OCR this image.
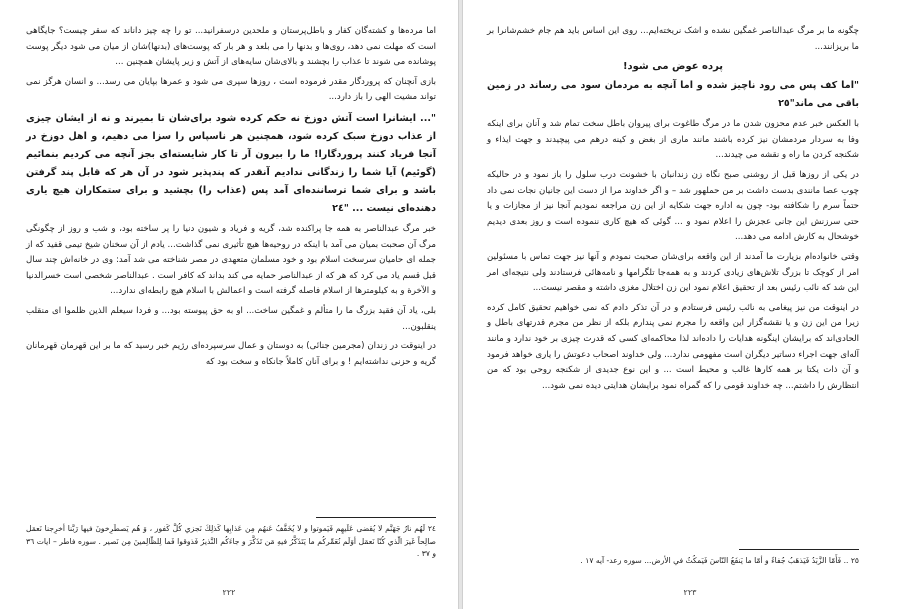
اما مرده‌ها و کشته‌گان کفار و باطل‌پرستان و ملحدین درسفرانید... تو را چه چیز داناند که سقر چیست؟ جایگاهی است که مهلت نمی دهد، روی‌ها و بدنها را می بلعد و هر بار که پوست‌های (بدنها)شان از میان می شود دیگر پوست پوشانده می شوند تا عذاب را بچشند و بالای‌شان سایه‌های از آتش و زیر پایشان همچنین ...

بازی آنچنان که پروردگار مقدر فرموده است ، روزها سپری می شود و عمرها بپایان می رسد... و انسان هرگز نمی تواند مشیت الهی را باز دارد...

"... ایشانرا است آتش دوزخ نه حکم کرده شود برای‌شان تا بمیرند و نه از ایشان چیزی از عذاب دوزخ سبک کرده شود، همچنین هر ناسپاس را سزا می دهیم، و اهل دوزخ در آنجا فریاد کنند پروردگارا! ما را بیرون آر تا کار شایسته‌ای بجز آنچه می کردیم بنمائیم (گوئیم) آیا شما را زندگانی ندادیم آنقدر که پندپذیر شود در آن هر که قابل پند گرفتن باشد و برای شما ترساننده‌ای آمد پس (عذاب را) بچشید و برای ستمکاران هیچ یاری دهنده‌ای نیست ... "٢٤

خبر مرگ عبدالناصر به همه جا پراکنده شد، گریه و فریاد و شیون دنیا را پر ساخته بود، و شب و روز از چگونگی مرگ آن صحبت بمیان می آمد با اینکه در روحیه‌ها هیچ تأثیری نمی گذاشت... یادم از آن سخنان شیخ تیمی قفید که از جمله ای حامیان سرسخت اسلام بود و خود مسلمان متعهدی در مصر شناخته می شد آمد: وی در خانه‌اش چند سال قبل قسم یاد می کرد که هر که از عبدالناصر حمایه می کند بداند که کافر است . عبدالناصر شخصی است خسرالدنیا و الآخرة و به کیلومترها از اسلام فاصله گرفته است و اعمالش با اسلام هیچ رابطه‌ای ندارد...

بلی، یاد آن فقید بزرگ ما را متألم و غمگین ساخت... او به حق پیوسته بود... و فردا سیعلم الذین ظلموا ای منقلب ینقلبون...

در اینوقت در زندان (مجرمین جنائی) به دوستان و عمال سرسپرده‌ای رژیم خبر رسید که ما بر این قهرمان قهرمانان گریه و حزنی نداشته‌ایم ! و برای آنان کاملاً جانکاه و سخت بود که

٢٤ لَهُم نارُ جَهَنَّم لا يُقضى عَلَيهِم فَيَموتوا و لا يُخَفَّفُ عَنهُم مِن عَذابِها كَذلِكَ نَجزي كُلَّ كَفور ، وَ هُم يَصطَرِخونَ فيها رَبَّنا أخرِجنا نَعمَل صالِحاً غَيرَ الّذي كُنّا نَعمَل أوَلَم نُعَمِّركُم ما يَتَذَكَّرُ فيهِ مَن تَذَكَّرَ و جاءَكُم النَّذيرُ فَذوقوا فَما لِلظّالِمينَ مِن نَصير . سوره فاطر – ایات ٣٦ و ٣٧ .

۲۲۲

چگونه ما بر مرگ عبدالناصر غمگین نشده و اشک نریخته‌ایم... روی این اساس باید هم جام خشم‌شانرا بر ما بریزانند...

پرده عوض می شود!

"اما کف پس می رود ناچیز شده و اما آنچه به مردمان سود می رساند در زمین باقی می ماند"٢٥

با العکس خبر عدم محزون شدن ما در مرگ طاغوت برای پیروان باطل سخت تمام شد و آنان برای اینکه وفا به سردار مردمشان نیز کرده باشند مانند ماری از بغض و کینه درهم می پیچیدند و جهت ایذاء و شکنجه کردن ما راه و نقشه می چیدند...

در یکی از روزها قبل از روشنی صبح نگاه زن زندانبان با خشونت درب سلول را باز نمود و در حالیکه چوب عصا مانندی بدست داشت بر من حملهور شد – و اگر خداوند مرا از دست این جانیان نجات نمی داد حتماً سرم را شکافته بود- چون به اداره جهت شکایه از این زن مراجعه نمودیم آنجا نیز از مجازات و یا حتی سرزنش این جانی عجزش را اعلام نمود و ... گوئی که هیچ کاری ننموده است و روز بعدی دیدیم خوشحال به کارش ادامه می دهد...

وقتی خانواده‌ام بزیارت ما آمدند از این واقعه برای‌شان صحبت نمودم و آنها نیز جهت تماس با مسئولین امر از کوچک تا بزرگ تلاش‌های زیادی کردند و به همه‌جا تلگرامها و نامه‌هائی فرستادند ولی نتیجه‌ای امر این شد که نائب رئیس بعد از تحقیق اعلام نمود این زن اختلال مغزی داشته و مقصر نیست...

در اینوقت من نیز پیغامی به نائب رئیس فرستادم و در آن تذکر دادم که نمی خواهیم تحقیق کامل کرده زیرا من این زن و یا نقشه‌گزار این واقعه را مجرم نمی پندارم بلکه از نظر من مجرم قدرتهای باطل و الحادی‌اند که برایشان اینگونه هدایات را داده‌اند لذا محاکمه‌ای کسی که قدرت چیزی بر خود ندارد و مانند آله‌ای جهت اجراء دساتیر دیگران است مفهومی ندارد... ولی خداوند اصحاب دعوتش را یاری خواهد فرمود و آن ذات یکتا بر همه کارها غالب و محیط است ... و این نوع جدیدی از شکنجه روحی بود که من انتظارش را داشتم... چه خداوند قومی را که گمراه نمود برایشان هدایتی دیده نمی شود...

٢٥ .. فَأَمّا الزَّبَدُ فَيَذهَبُ جُفاءً و أمّا ما يَنفَعُ النّاسَ فَيَمكُثُ في الأرض... سوره رعد- آیه ١٧ .

۲۲۳
